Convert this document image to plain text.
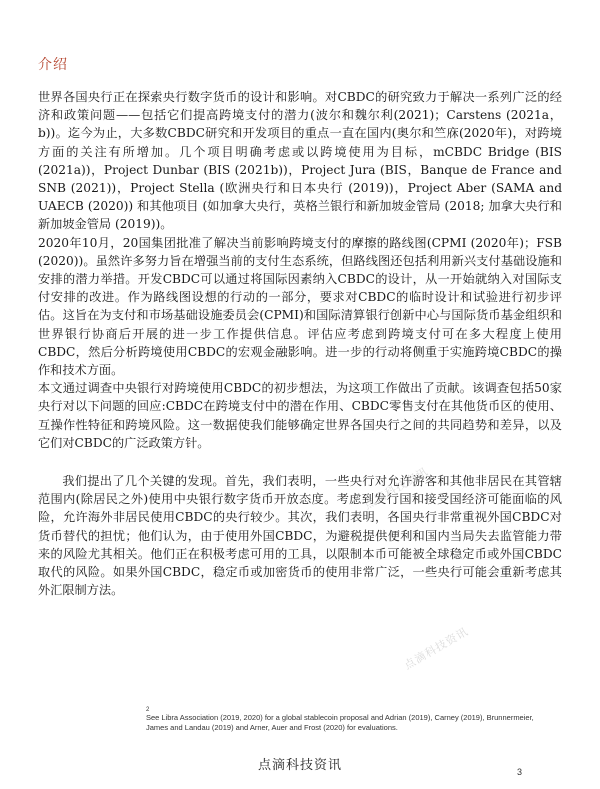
介绍

世界各国央行正在探索央行数字货币的设计和影响。对CBDC的研究致力于解决一系列广泛的经济和政策问题——包括它们提高跨境支付的潜力(波尔和魏尔利(2021)；Carstens (2021a，b))。迄今为止，大多数CBDC研究和开发项目的重点一直在国内(奥尔和竺庥(2020年)，对跨境方面的关注有所增加。几个项目明确考虑或以跨境使用为目标，mCBDC Bridge (BIS (2021a))，Project Dunbar (BIS (2021b))，Project Jura (BIS，Banque de France and SNB (2021))，Project Stella (欧洲央行和日本央行 (2019))，Project Aber (SAMA and UAECB (2020)) 和其他项目 (如加拿大央行，英格兰银行和新加坡金管局 (2018; 加拿大央行和新加坡金管局 (2019))。

2020年10月，20国集团批准了解决当前影响跨境支付的摩擦的路线图(CPMI (2020年)；FSB (2020))。虽然许多努力旨在增强当前的支付生态系统，但路线图还包括利用新兴支付基础设施和安排的潜力举措。开发CBDC可以通过将国际因素纳入CBDC的设计，从一开始就纳入对国际支付安排的改进。作为路线图设想的行动的一部分，要求对CBDC的临时设计和试验进行初步评估。这旨在为支付和市场基础设施委员会(CPMI)和国际清算银行创新中心与国际货币基金组织和世界银行协商后开展的进一步工作提供信息。评估应考虑到跨境支付可在多大程度上使用CBDC，然后分析跨境使用CBDC的宏观金融影响。进一步的行动将侧重于实施跨境CBDC的操作和技术方面。

本文通过调查中央银行对跨境使用CBDC的初步想法，为这项工作做出了贡献。该调查包括50家央行对以下问题的回应:CBDC在跨境支付中的潜在作用、CBDC零售支付在其他货币区的使用、互操作性特征和跨境风险。这一数据使我们能够确定世界各国央行之间的共同趋势和差异，以及它们对CBDC的广泛政策方针。

我们提出了几个关键的发现。首先，我们表明，一些央行对允许游客和其他非居民在其管辖范围内(除居民之外)使用中央银行数字货币开放态度。考虑到发行国和接受国经济可能面临的风险，允许海外非居民使用CBDC的央行较少。其次，我们表明，各国央行非常重视外国CBDC对货币替代的担忧；他们认为，由于使用外国CBDC，为避税提供便利和国内当局失去监管能力带来的风险尤其相关。他们正在积极考虑可用的工具，以限制本币可能被全球稳定币或外国CBDC取代的风险。如果外国CBDC，稳定币或加密货币的使用非常广泛，一些央行可能会重新考虑其外汇限制方法。

点滴科技资讯
点滴科技资讯
2
See Libra Association (2019, 2020) for a global stablecoin proposal and Adrian (2019), Carney (2019), Brunnermeier, James and Landau (2019) and Arner, Auer and Frost (2020) for evaluations.
点滴科技资讯	3
